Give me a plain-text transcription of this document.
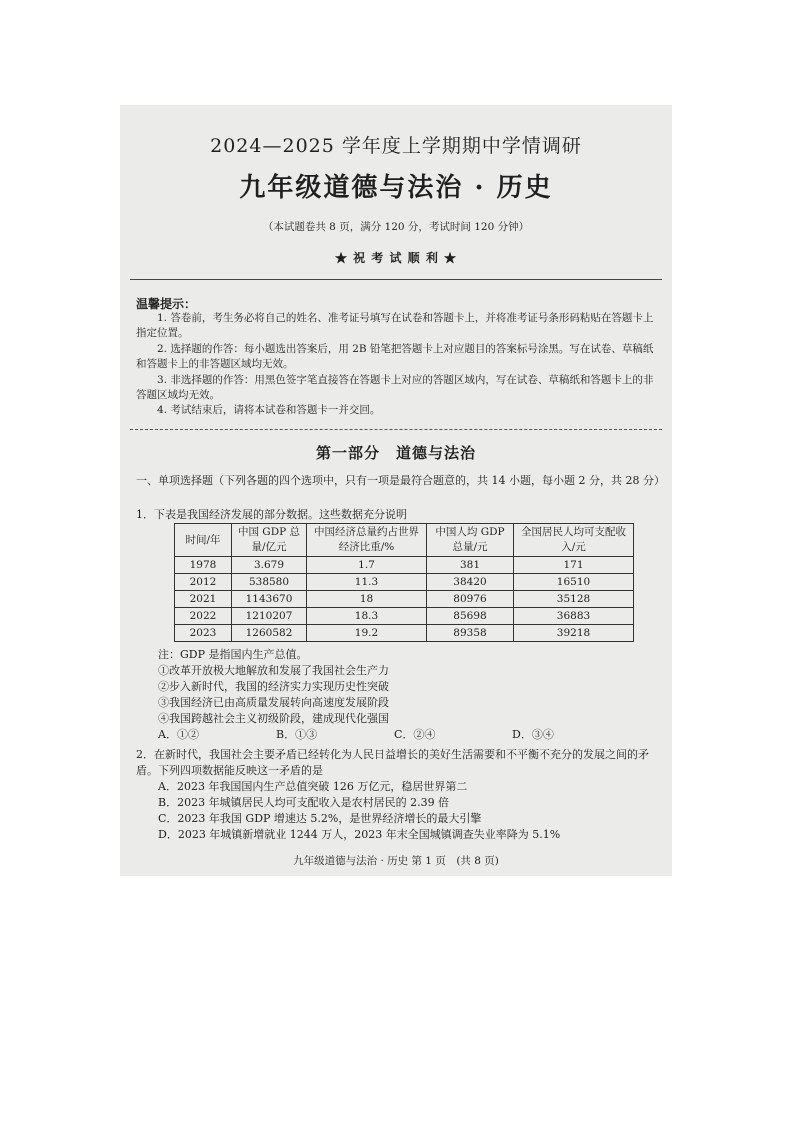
2024—2025 学年度上学期期中学情调研
九年级道德与法治 · 历史
（本试题卷共 8 页，满分 120 分，考试时间 120 分钟）
★ 祝 考 试 顺 利 ★
温馨提示：

1. 答卷前，考生务必将自己的姓名、准考证号填写在试卷和答题卡上，并将准考证号条形码粘贴在答题卡上指定位置。

2. 选择题的作答：每小题选出答案后，用 2B 铅笔把答题卡上对应题目的答案标号涂黑。写在试卷、草稿纸和答题卡上的非答题区域均无效。

3. 非选择题的作答：用黑色签字笔直接答在答题卡上对应的答题区域内，写在试卷、草稿纸和答题卡上的非答题区域均无效。

4. 考试结束后，请将本试卷和答题卡一并交回。

第一部分　道德与法治
一、单项选择题（下列各题的四个选项中，只有一项是最符合题意的，共 14 小题，每小题 2 分，共 28 分）
1．下表是我国经济发展的部分数据。这些数据充分说明
时间/年	中国 GDP 总量/亿元	中国经济总量约占世界经济比重/%	中国人均 GDP 总量/元	全国居民人均可支配收入/元
1978	3.679	1.7	381	171
2012	538580	11.3	38420	16510
2021	1143670	18	80976	35128
2022	1210207	18.3	85698	36883
2023	1260582	19.2	89358	39218
注：GDP 是指国内生产总值。
①改革开放极大地解放和发展了我国社会生产力
②步入新时代，我国的经济实力实现历史性突破
③我国经济已由高质量发展转向高速度发展阶段
④我国跨越社会主义初级阶段，建成现代化强国
A．①②	B．①③	C．②④	D．③④
2．在新时代，我国社会主要矛盾已经转化为人民日益增长的美好生活需要和不平衡不充分的发展之间的矛盾。下列四项数据能反映这一矛盾的是
A．2023 年我国国内生产总值突破 126 万亿元，稳居世界第二
B．2023 年城镇居民人均可支配收入是农村居民的 2.39 倍
C．2023 年我国 GDP 增速达 5.2%，是世界经济增长的最大引擎
D．2023 年城镇新增就业 1244 万人，2023 年末全国城镇调查失业率降为 5.1%
九年级道德与法治 · 历史 第 1 页　(共 8 页)
